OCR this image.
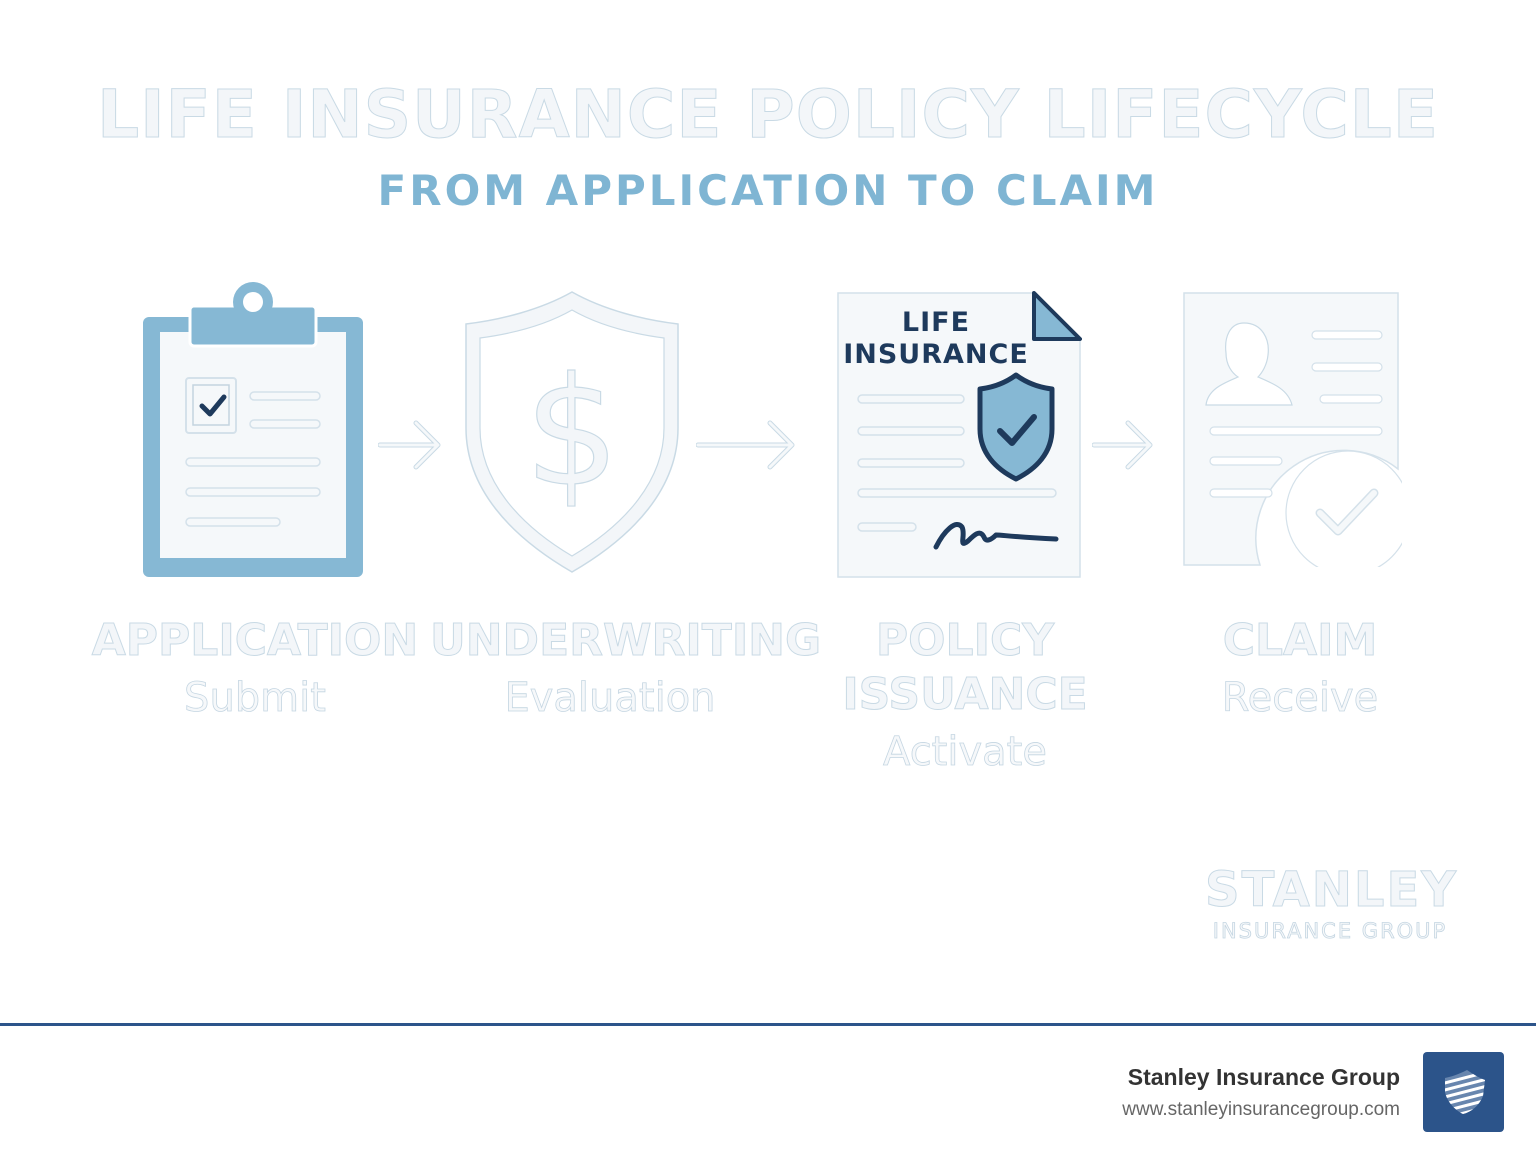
LIFE INSURANCE POLICY LIFECYCLE
FROM APPLICATION TO CLAIM
$
LIFE
INSURANCE
APPLICATION
Submit
UNDERWRITING
Evaluation
POLICY
ISSUANCE
Activate
CLAIM
Receive
STANLEY
INSURANCE GROUP
Stanley Insurance Group
www.stanleyinsurancegroup.com
